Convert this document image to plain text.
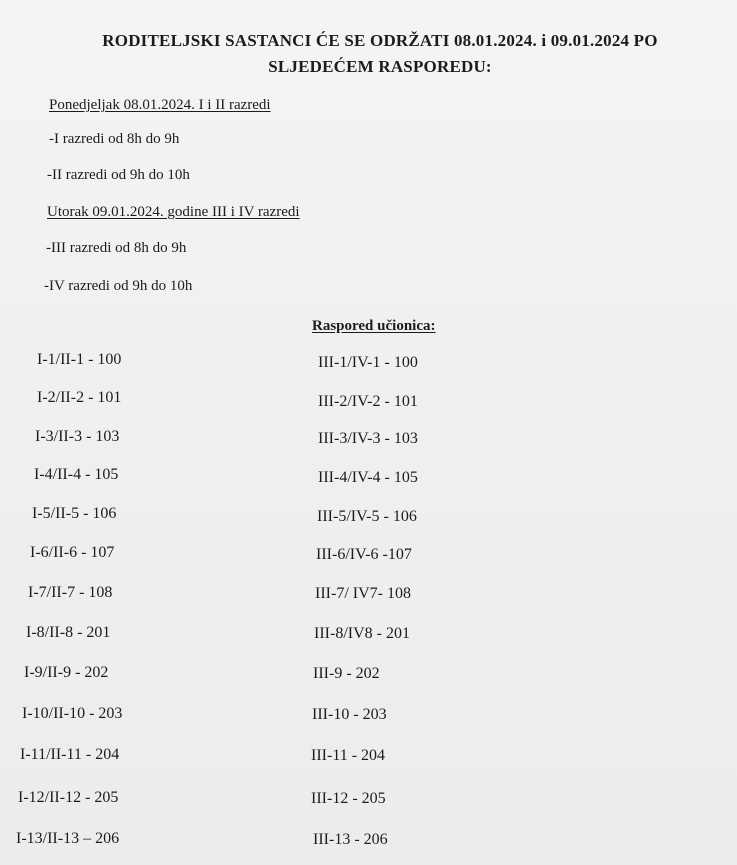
RODITELJSKI SASTANCI ĆE SE ODRŽATI 08.01.2024. i 09.01.2024 PO
SLJEDEĆEM RASPOREDU:

Ponedjeljak 08.01.2024. I i II razredi

-I razredi od 8h do 9h

-II razredi od 9h do 10h

Utorak 09.01.2024. godine III i IV razredi

-III razredi od 8h do 9h

-IV razredi od 9h do 10h

Raspored učionica:
I-1/II-1 - 100
I-2/II-2 - 101
I-3/II-3 - 103
I-4/II-4 - 105
I-5/II-5 - 106
I-6/II-6 - 107
I-7/II-7 - 108
I-8/II-8 - 201
I-9/II-9 - 202
I-10/II-10 - 203
I-11/II-11 - 204
I-12/II-12 - 205
I-13/II-13 – 206
III-1/IV-1 - 100
III-2/IV-2 - 101
III-3/IV-3 - 103
III-4/IV-4 - 105
III-5/IV-5 - 106
III-6/IV-6 -107
III-7/ IV7- 108
III-8/IV8 - 201
III-9 - 202
III-10 - 203
III-11 - 204
III-12 - 205
III-13 - 206
